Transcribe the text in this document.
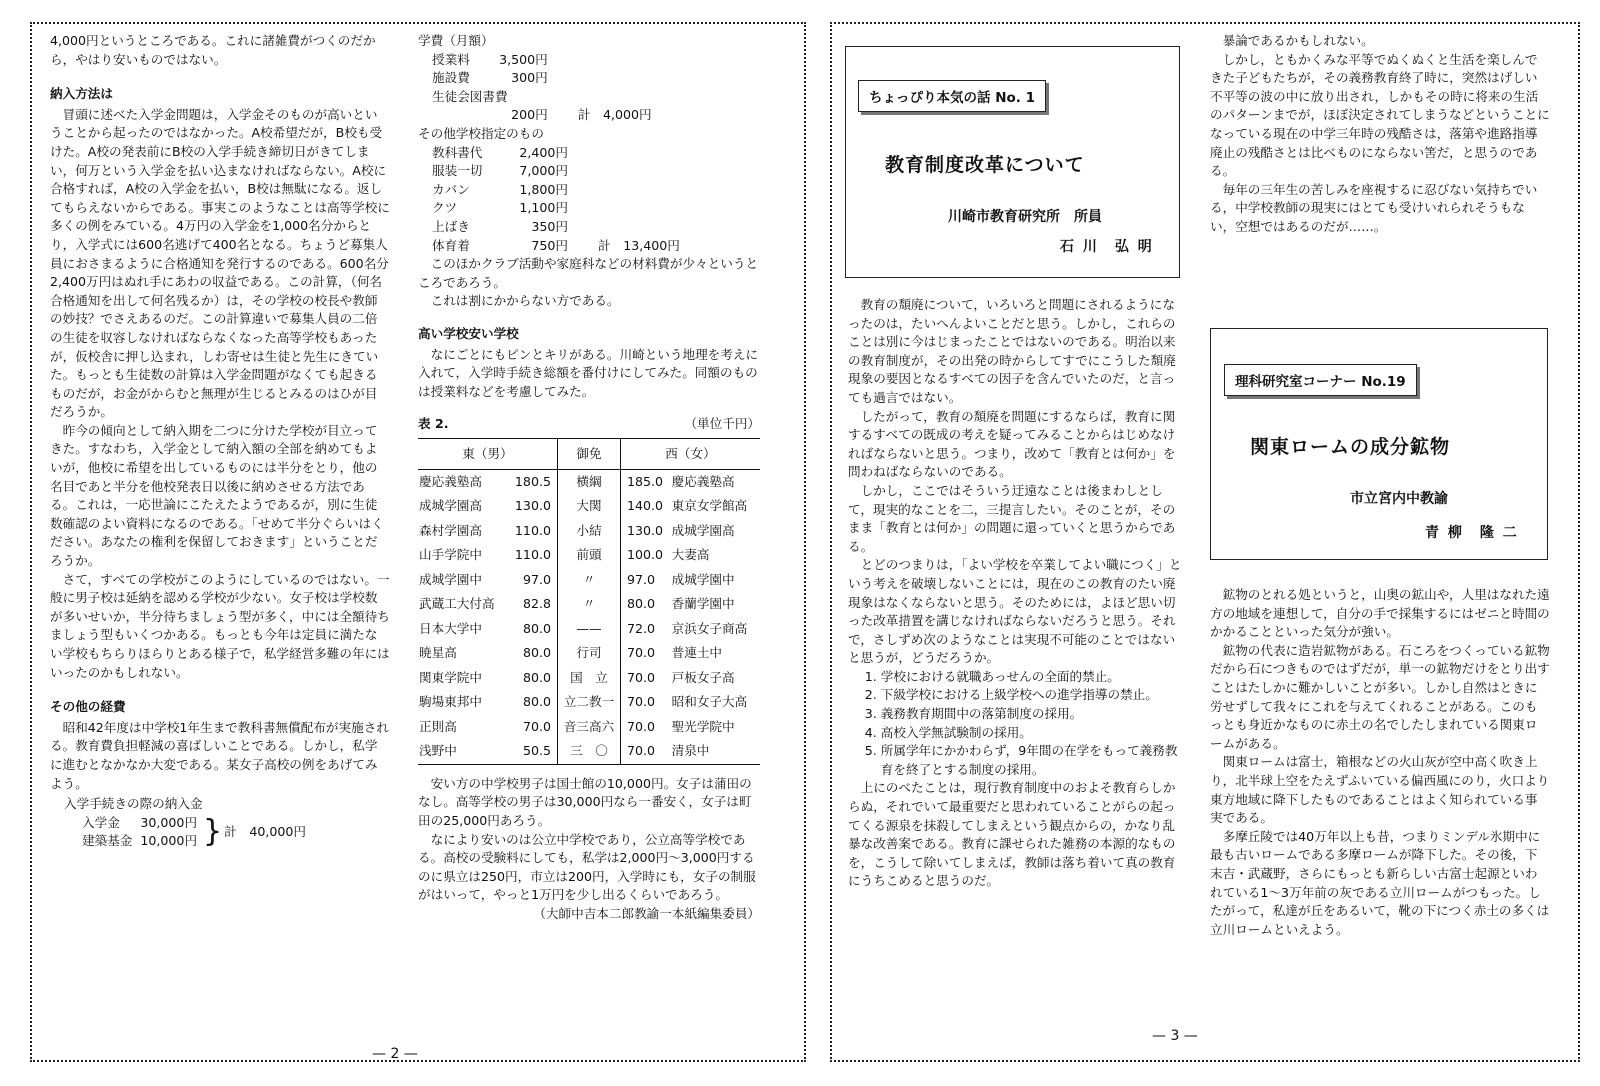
— 2 —

4,000円というところである。これに諸雑費がつくのだから，やはり安いものではない。

納入方法は

冒頭に述べた入学金問題は，入学金そのものが高いということから起ったのではなかった。A校希望だが，B校も受けた。A校の発表前にB校の入学手続き締切日がきてしまい，何万という入学金を払い込まなければならない。A校に合格すれば，A校の入学金を払い，B校は無駄になる。返してもらえないからである。事実このようなことは高等学校に多くの例をみている。4万円の入学金を1,000名分からとり，入学式には600名逃げて400名となる。ちょうど募集人員におさまるように合格通知を発行するのである。600名分2,400万円はぬれ手にあわの収益である。この計算，（何名合格通知を出して何名残るか）は，その学校の校長や教師の妙技？でさえあるのだ。この計算違いで募集人員の二倍の生徒を収容しなければならなくなった高等学校もあったが，仮校舎に押し込まれ，しわ寄せは生徒と先生にきていた。もっとも生徒数の計算は入学金問題がなくても起きるものだが，お金がからむと無理が生じるとみるのはひが目だろうか。

昨今の傾向として納入期を二つに分けた学校が目立ってきた。すなわち，入学金として納入額の全部を納めてもよいが，他校に希望を出しているものには半分をとり，他の名目であと半分を他校発表日以後に納めさせる方法である。これは，一応世論にこたえたようであるが，別に生徒数確認のよい資料になるのである。「せめて半分ぐらいはください。あなたの権利を保留しておきます」ということだろうか。

さて，すべての学校がこのようにしているのではない。一般に男子校は延納を認める学校が少ない。女子校は学校数が多いせいか，半分待ちましょう型が多く，中には全額待ちましょう型もいくつかある。もっとも今年は定員に満たない学校もちらりほらりとある様子で，私学経営多難の年にはいったのかもしれない。

その他の経費

昭和42年度は中学校1年生まで教科書無償配布が実施される。教育費負担軽減の喜ばしいことである。しかし，私学に進むとなかなか大変である。某女子高校の例をあげてみよう。

入学手続きの際の納入金
入学金	30,000円
建築基金	10,000円 } 計　40,000円
学費（月額）
授業料	3,500円	
施設費	300円	
生徒会図書費		
	200円	計　4,000円
その他学校指定のもの
教科書代	2,400円	
服装一切	7,000円	
カバン	1,800円	
クツ	1,100円	
上ばき	350円	
体育着	750円	計　13,400円

このほかクラブ活動や家庭科などの材料費が少々というところであろう。

これは割にかからない方である。

高い学校安い学校

なにごとにもピンとキリがある。川崎という地理を考えに入れて，入学時手続き総額を番付けにしてみた。同額のものは授業料などを考慮してみた。

表 2.	（単位千円）
東（男）		御免	西（女）	
慶応義塾高	180.5	横綱	185.0	慶応義塾高
成城学園高	130.0	大関	140.0	東京女学館高
森村学園高	110.0	小結	130.0	成城学園高
山手学院中	110.0	前頭	100.0	大妻高
成城学園中	97.0	〃	97.0	成城学園中
武蔵工大付高	82.8	〃	80.0	香蘭学園中
日本大学中	80.0	——	72.0	京浜女子商高
暁星高	80.0	行司	70.0	普連土中
関東学院中	80.0	国　立	70.0	戸板女子高
駒場東邦中	80.0	立二教一	70.0	昭和女子大高
正則高	70.0	音三高六	70.0	聖光学院中
浅野中	50.5	三　〇	70.0	清泉中

安い方の中学校男子は国士館の10,000円。女子は蒲田のなし。高等学校の男子は30,000円なら一番安く，女子は町田の25,000円あろう。

なにより安いのは公立中学校であり，公立高等学校である。高校の受験料にしても，私学は2,000円～3,000円するのに県立は250円，市立は200円，入学時にも，女子の制服がはいって，やっと1万円を少し出るくらいであろう。

（大師中吉本二郎教諭一本紙編集委員）
— 3 —
ちょっぴり本気の話 No. 1
教育制度改革について
川崎市教育研究所　所員
石 川　弘 明

教育の頽廃について，いろいろと問題にされるようになったのは，たいへんよいことだと思う。しかし，これらのことは別に今はじまったことではないのである。明治以来の教育制度が，その出発の時からしてすでにこうした頽廃現象の要因となるすべての因子を含んでいたのだ，と言っても過言ではない。

したがって，教育の頽廃を問題にするならば，教育に関するすべての既成の考えを疑ってみることからはじめなければならないと思う。つまり，改めて「教育とは何か」を問わねばならないのである。

しかし，ここではそういう迂遠なことは後まわしとして，現実的なことを二，三提言したい。そのことが，そのまま「教育とは何か」の問題に還っていくと思うからである。

とどのつまりは，「よい学校を卒業してよい職につく」という考えを破壊しないことには，現在のこの教育のたい廃現象はなくならないと思う。そのためには，よほど思い切った改革措置を講じなければならないだろうと思う。それで，さしずめ次のようなことは実現不可能のことではないと思うが，どうだろうか。

1. 学校における就職あっせんの全面的禁止。
2. 下級学校における上級学校への進学指導の禁止。
3. 義務教育期間中の落第制度の採用。
4. 高校入学無試験制の採用。
5. 所属学年にかかわらず，9年間の在学をもって義務教育を終了とする制度の採用。

上にのべたことは，現行教育制度中のおよそ教育らしからぬ，それでいて最重要だと思われていることがらの起ってくる源泉を抹殺してしまえという観点からの，かなり乱暴な改善案である。教育に課せられた雑務の本源的なものを，こうして除いてしまえば，教師は落ち着いて真の教育にうちこめると思うのだ。

暴論であるかもしれない。

しかし，ともかくみな平等でぬくぬくと生活を楽しんできた子どもたちが，その義務教育終了時に，突然はげしい不平等の波の中に放り出され，しかもその時に将来の生活のパターンまでが，ほぼ決定されてしまうなどということになっている現在の中学三年時の残酷さは，落第や進路指導廃止の残酷さとは比べものにならない筈だ，と思うのである。

毎年の三年生の苦しみを座視するに忍びない気持ちでいる，中学校教師の現実にはとても受けいれられそうもない，空想ではあるのだが……。

理科研究室コーナー No.19
関東ロームの成分鉱物
市立宮内中教諭
青 柳　隆 二

鉱物のとれる処というと，山奥の鉱山や，人里はなれた遠方の地域を連想して，自分の手で採集するにはゼニと時間のかかることといった気分が強い。

鉱物の代表に造岩鉱物がある。石ころをつくっている鉱物だから石につきものではずだが，単一の鉱物だけをとり出すことはたしかに難かしいことが多い。しかし自然はときに労せずして我々にこれを与えてくれることがある。このもっとも身近かなものに赤土の名でしたしまれている関東ロームがある。

関東ロームは富士，箱根などの火山灰が空中高く吹き上り，北半球上空をたえずふいている偏西風にのり，火口より東方地域に降下したものであることはよく知られている事実である。

多摩丘陵では40万年以上も昔，つまりミンデル氷期中に最も古いロームである多摩ロームが降下した。その後，下末吉・武蔵野，さらにもっとも新らしい古富士起源といわれている1～3万年前の灰である立川ロームがつもった。したがって，私達が丘をあるいて，靴の下につく赤土の多くは立川ロームといえよう。
